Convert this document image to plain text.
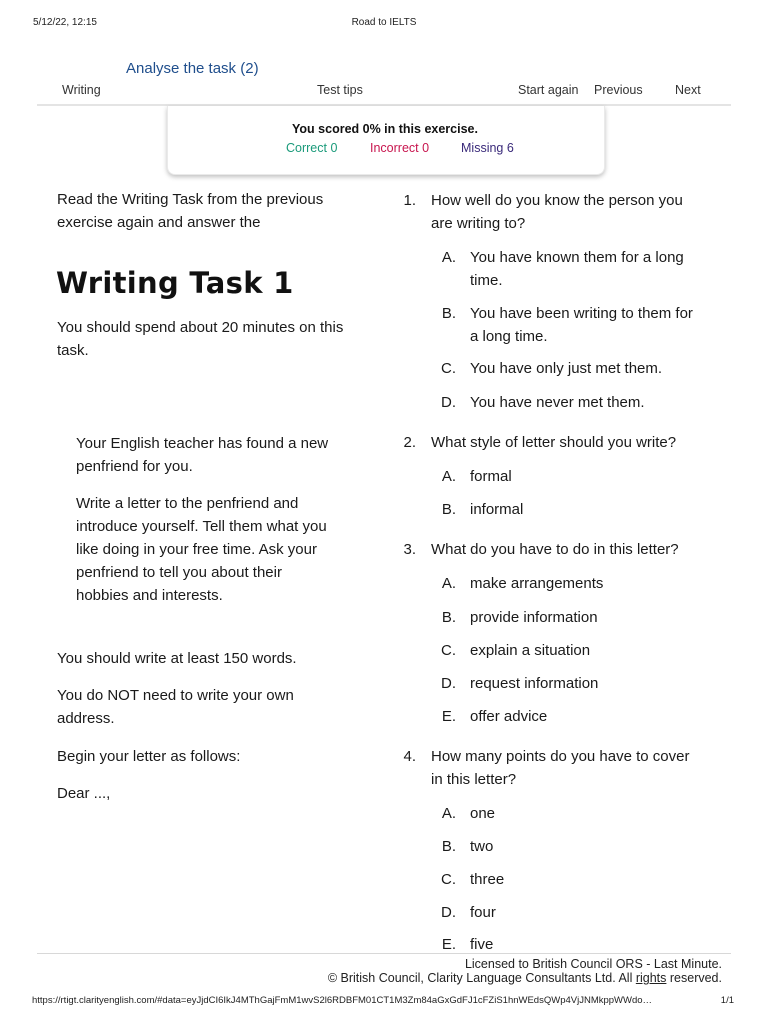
5/12/22, 12:15	Road to IELTS
Analyse the task (2)
Writing	Test tips	Start again Previous	Next
You scored 0% in this exercise.
Correct 0	Incorrect 0	Missing 6
Read the Writing Task from the previous
exercise again and answer the
Writing Task 1
You should spend about 20 minutes on this
task.
Your English teacher has found a new
penfriend for you.
Write a letter to the penfriend and
introduce yourself. Tell them what you
like doing in your free time. Ask your
penfriend to tell you about their
hobbies and interests.
You should write at least 150 words.
You do NOT need to write your own
address.
Begin your letter as follows:
Dear ...,
1. How well do you know the person you
are writing to?
A. You have known them for a long
time.
B. You have been writing to them for
a long time.
C. You have only just met them.
D. You have never met them.
2. What style of letter should you write?
A. formal
B. informal
3. What do you have to do in this letter?
A. make arrangements
B. provide information
C. explain a situation
D. request information
E. offer advice
4. How many points do you have to cover
in this letter?
A. one
B. two
C. three
D. four
E. five
Licensed to British Council ORS - Last Minute.
© British Council, Clarity Language Consultants Ltd. All rights reserved.
https://rtigt.clarityenglish.com/#data=eyJjdCI6IkJ4MThGajFmM1wvS2l6RDBFM01CT1M3Zm84aGxGdFJ1cFZiS1hnWEdsQWp4VjJNMkppWWdo…	1/1
